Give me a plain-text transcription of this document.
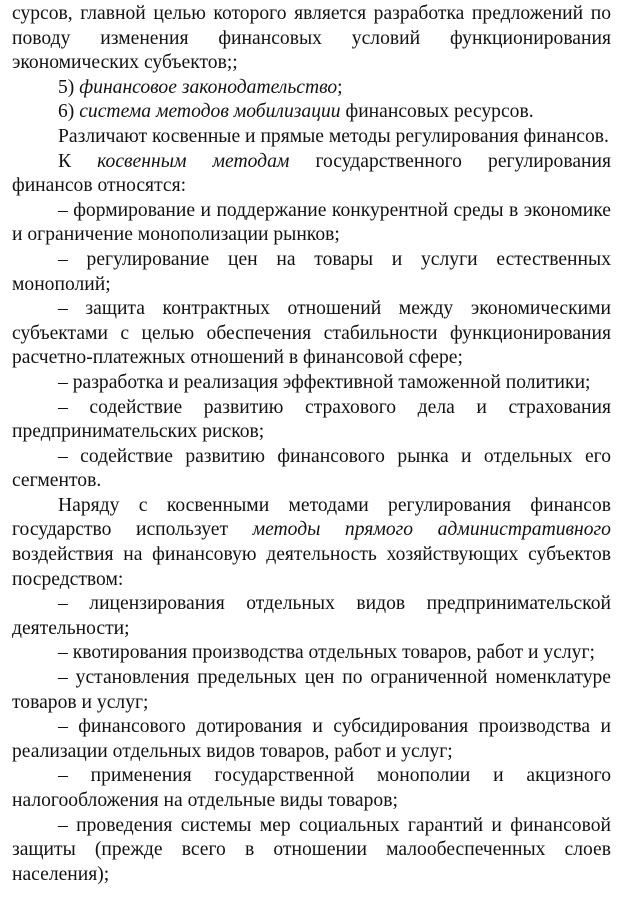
сурсов, главной целью которого является разработка предложений по поводу изменения финансовых условий функционирования экономических субъектов;;

5) финансовое законодательство;

6) система методов мобилизации финансовых ресурсов.

Различают косвенные и прямые методы регулирования финансов.

К косвенным методам государственного регулирования финансов относятся:

– формирование и поддержание конкурентной среды в экономике и ограничение монополизации рынков;

– регулирование цен на товары и услуги естественных монополий;

– защита контрактных отношений между экономическими субъектами с целью обеспечения стабильности функционирования расчетно-платежных отношений в финансовой сфере;

– разработка и реализация эффективной таможенной политики;

– содействие развитию страхового дела и страхования предпринимательских рисков;

– содействие развитию финансового рынка и отдельных его сегментов.

Наряду с косвенными методами регулирования финансов государство использует методы прямого административного воздействия на финансовую деятельность хозяйствующих субъектов посредством:

– лицензирования отдельных видов предпринимательской деятельности;

– квотирования производства отдельных товаров, работ и услуг;

– установления предельных цен по ограниченной номенклатуре товаров и услуг;

– финансового дотирования и субсидирования производства и реализации отдельных видов товаров, работ и услуг;

– применения государственной монополии и акцизного налогообложения на отдельные виды товаров;

– проведения системы мер социальных гарантий и финансовой защиты (прежде всего в отношении малообеспеченных слоев населения);
